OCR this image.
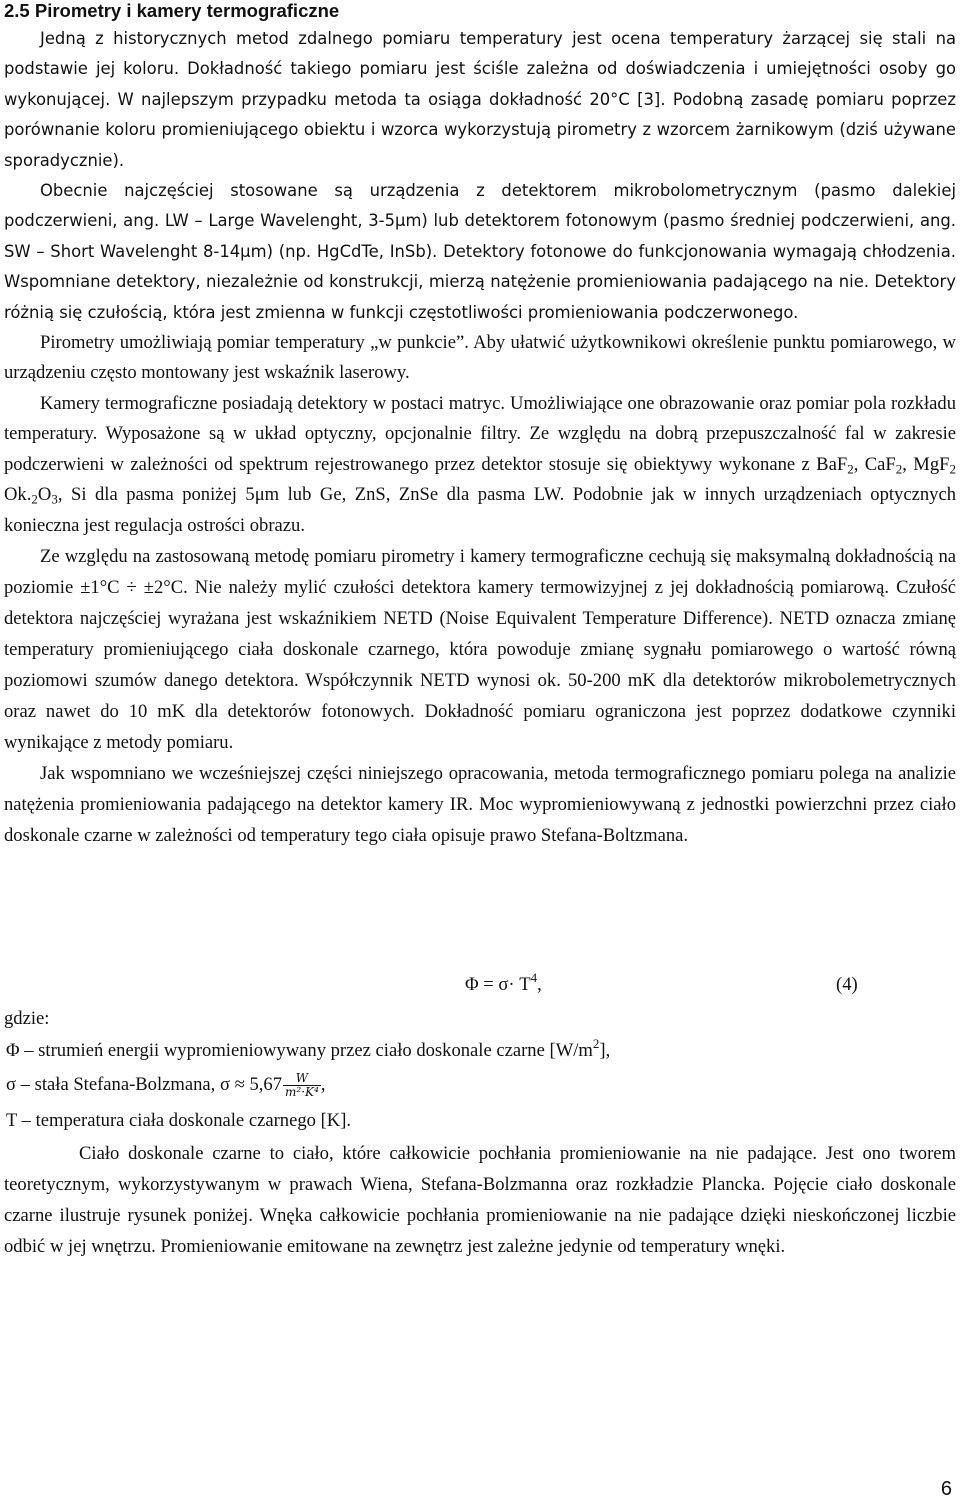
2.5 Pirometry i kamery termograficzne

Jedną z historycznych metod zdalnego pomiaru temperatury jest ocena temperatury żarzącej się stali na podstawie jej koloru. Dokładność takiego pomiaru jest ściśle zależna od doświadczenia i umiejętności osoby go wykonującej. W najlepszym przypadku metoda ta osiąga dokładność 20°C [3]. Podobną zasadę pomiaru poprzez porównanie koloru promieniującego obiektu i wzorca wykorzystują pirometry z wzorcem żarnikowym (dziś używane sporadycznie).

Obecnie najczęściej stosowane są urządzenia z detektorem mikrobolometrycznym (pasmo dalekiej podczerwieni, ang. LW – Large Wavelenght, 3-5μm) lub detektorem fotonowym (pasmo średniej podczerwieni, ang. SW – Short Wavelenght 8-14μm) (np. HgCdTe, InSb). Detektory fotonowe do funkcjonowania wymagają chłodzenia. Wspomniane detektory, niezależnie od konstrukcji, mierzą natężenie promieniowania padającego na nie. Detektory różnią się czułością, która jest zmienna w funkcji częstotliwości promieniowania podczerwonego.

Pirometry umożliwiają pomiar temperatury „w punkcie”. Aby ułatwić użytkownikowi określenie punktu pomiarowego, w urządzeniu często montowany jest wskaźnik laserowy.

Kamery termograficzne posiadają detektory w postaci matryc. Umożliwiające one obrazowanie oraz pomiar pola rozkładu temperatury. Wyposażone są w układ optyczny, opcjonalnie filtry. Ze względu na dobrą przepuszczalność fal w zakresie podczerwieni w zależności od spektrum rejestrowanego przez detektor stosuje się obiektywy wykonane z BaF$_2$, CaF$_2$, MgF$_2$ $Ok._2O_3$, Si dla pasma poniżej 5μm lub Ge, ZnS, ZnSe dla pasma LW. Podobnie jak w innych urządzeniach optycznych konieczna jest regulacja ostrości obrazu.

Ze względu na zastosowaną metodę pomiaru pirometry i kamery termograficzne cechują się maksymalną dokładnością na poziomie ±1°C ÷ ±2°C. Nie należy mylić czułości detektora kamery termowizyjnej z jej dokładnością pomiarową. Czułość detektora najczęściej wyrażana jest wskaźnikiem NETD (Noise Equivalent Temperature Difference). NETD oznacza zmianę temperatury promieniującego ciała doskonale czarnego, która powoduje zmianę sygnału pomiarowego o wartość równą poziomowi szumów danego detektora. Współczynnik NETD wynosi ok. 50-200 mK dla detektorów mikrobolemetrycznych oraz nawet do 10 mK dla detektorów fotonowych. Dokładność pomiaru ograniczona jest poprzez dodatkowe czynniki wynikające z metody pomiaru.

Jak wspomniano we wcześniejszej części niniejszego opracowania, metoda termograficznego pomiaru polega na analizie natężenia promieniowania padającego na detektor kamery IR. Moc wypromieniowywaną z jednostki powierzchni przez ciało doskonale czarne w zależności od temperatury tego ciała opisuje prawo Stefana-Boltzmana.

$\Phi = \sigma\cdot T^4$,	(4)
gdzie:
Φ – strumień energii wypromieniowywany przez ciało doskonale czarne $[W/m^2]$,
σ – stała Stefana-Bolzmana, $\sigma \approx 5,67 \frac{W}{\text{m²·K⁴}}$ ,
T – temperatura ciała doskonale czarnego [K].

Ciało doskonale czarne to ciało, które całkowicie pochłania promieniowanie na nie padające. Jest ono tworem teoretycznym, wykorzystywanym w prawach Wiena, Stefana-Bolzmanna oraz rozkładzie Plancka. Pojęcie ciało doskonale czarne ilustruje rysunek poniżej. Wnęka całkowicie pochłania promieniowanie na nie padające dzięki nieskończonej liczbie odbić w jej wnętrzu. Promieniowanie emitowane na zewnętrz jest zależne jedynie od temperatury wnęki.

6
